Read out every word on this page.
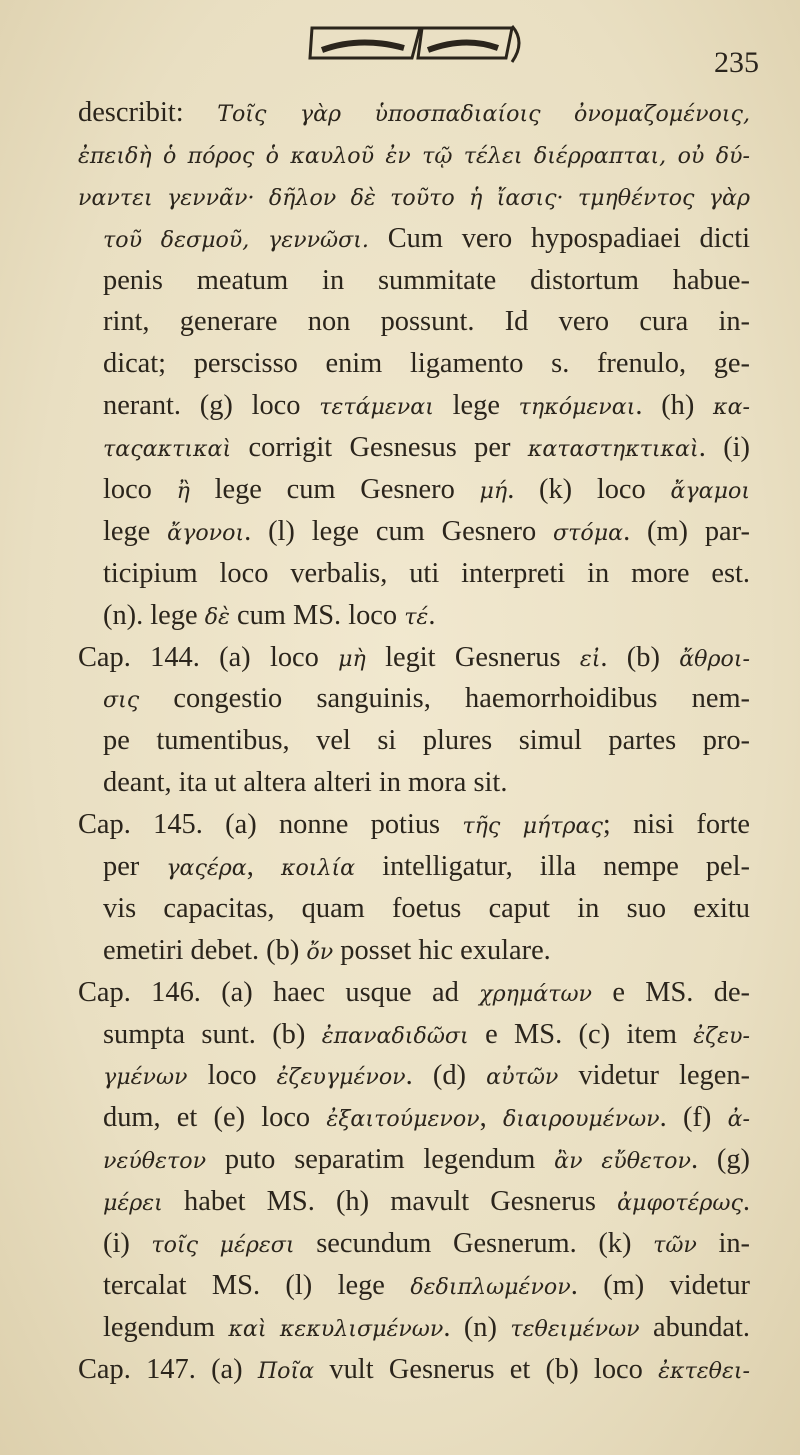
235
describit: Τοῖς γὰρ ὑποσπαδιαίοις ὀνομαζομένοις,
ἐπειδὴ ὁ πόρος ὁ καυλοῦ ἐν τῷ τέλει διέρραπται, οὐ δύ-
ναντει γεννᾶν· δῆλον δὲ τοῦτο ἡ ἴασις· τμηθέντος γὰρ
τοῦ δεσμοῦ, γεννῶσι. Cum vero hypospadiaei dicti
penis meatum in summitate distortum habue-
rint, generare non possunt. Id vero cura in-
dicat; perscisso enim ligamento s. frenulo, ge-
nerant. (g) loco τετάμεναι lege τηκόμεναι. (h) κα-
ταςακτικαὶ corrigit Gesnesus per καταστηκτικαὶ. (i)
loco ἢ lege cum Gesnero μή. (k) loco ἄγαμοι
lege ἄγονοι. (l) lege cum Gesnero στόμα. (m) par-
ticipium loco verbalis, uti interpreti in more est.
(n). lege δὲ cum MS. loco τέ.
Cap. 144. (a) loco μὴ legit Gesnerus εἰ. (b) ἄθροι-
σις congestio sanguinis, haemorrhoidibus nem-
pe tumentibus, vel si plures simul partes pro-
deant, ita ut altera alteri in mora sit.
Cap. 145. (a) nonne potius τῆς μήτρας; nisi forte
per γαςέρα, κοιλία intelligatur, illa nempe pel-
vis capacitas, quam foetus caput in suo exitu
emetiri debet. (b) ὄν posset hic exulare.
Cap. 146. (a) haec usque ad χρημάτων e MS. de-
sumpta sunt. (b) ἐπαναδιδῶσι e MS. (c) item ἐζευ-
γμένων loco ἐζευγμένον. (d) αὐτῶν videtur legen-
dum, et (e) loco ἐξαιτούμενον, διαιρουμένων. (f) ἀ-
νεύθετον puto separatim legendum ἂν εὔθετον. (g)
μέρει habet MS. (h) mavult Gesnerus ἀμφοτέρως.
(i) τοῖς μέρεσι secundum Gesnerum. (k) τῶν in-
tercalat MS. (l) lege δεδιπλωμένον. (m) videtur
legendum καὶ κεκυλισμένων. (n) τεθειμένων abundat.
Cap. 147. (a) Ποῖα vult Gesnerus et (b) loco ἐκτεθει-
